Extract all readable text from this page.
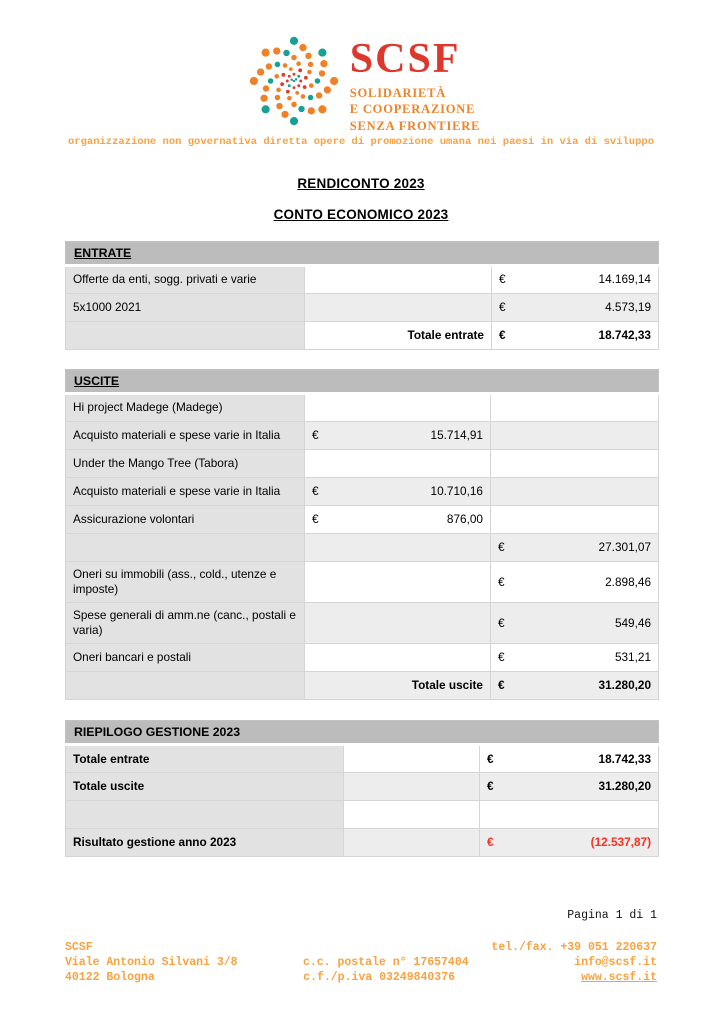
SCSF
SOLIDARIETÀ
E COOPERAZIONE
SENZA FRONTIERE
organizzazione non governativa diretta opere di promozione umana nei paesi in via di sviluppo
RENDICONTO 2023
CONTO ECONOMICO 2023
ENTRATE		
Offerte da enti, sogg. privati e varie		€ 14.169,14

5x1000 2021		€ 4.573,19

	Totale entrate	€ 18.742,33
USCITE		
Hi project Madege (Madege)	

Acquisto materiali e spese varie in Italia	€ 15.714,91	

Under the Mango Tree (Tabora)	

Acquisto materiali e spese varie in Italia	€ 10.710,16	

Assicurazione volontari	€ 876,00	

		€ 27.301,07

Oneri su immobili (ass., cold., utenze e imposte)		€ 2.898,46

Spese generali di amm.ne (canc., postali e varia)		€ 549,46

Oneri bancari e postali		€ 531,21

	Totale uscite	€ 31.280,20
RIEPILOGO GESTIONE 2023		
Totale entrate		€ 18.742,33

Totale uscite		€ 31.280,20

Risultato gestione anno 2023		€ (12.537,87)
Pagina 1 di 1
SCSF	tel./fax. +39 051 220637
Viale Antonio Silvani 3/8	c.c. postale n° 17657404	info@scsf.it
40122 Bologna	c.f./p.iva 03249840376	www.scsf.it
